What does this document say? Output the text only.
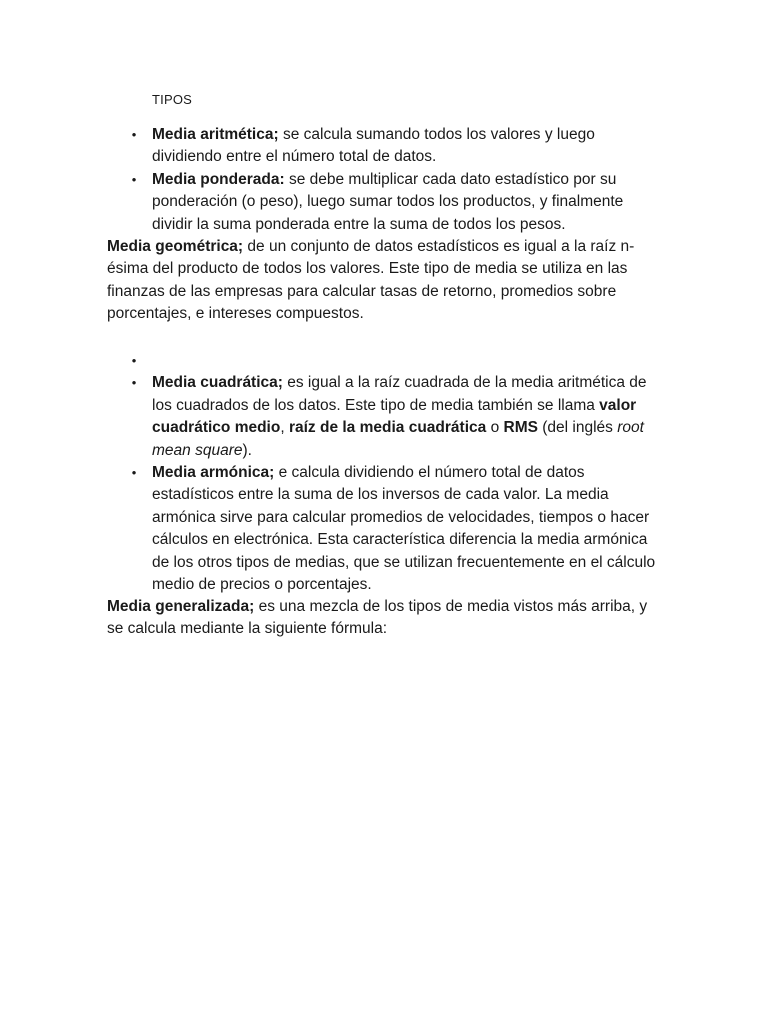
TIPOS
•	Media aritmética; se calcula sumando todos los valores y luego dividiendo entre el número total de datos.
•	Media ponderada: se debe multiplicar cada dato estadístico por su ponderación (o peso), luego sumar todos los productos, y finalmente dividir la suma ponderada entre la suma de todos los pesos.

Media geométrica; de un conjunto de datos estadísticos es igual a la raíz n-ésima del producto de todos los valores. Este tipo de media se utiliza en las finanzas de las empresas para calcular tasas de retorno, promedios sobre porcentajes, e intereses compuestos.

•

•	Media cuadrática; es igual a la raíz cuadrada de la media aritmética de los cuadrados de los datos. Este tipo de media también se llama valor cuadrático medio, raíz de la media cuadrática o RMS (del inglés root mean square).
•	Media armónica; e calcula dividiendo el número total de datos estadísticos entre la suma de los inversos de cada valor. La media armónica sirve para calcular promedios de velocidades, tiempos o hacer cálculos en electrónica. Esta característica diferencia la media armónica de los otros tipos de medias, que se utilizan frecuentemente en el cálculo medio de precios o porcentajes.

Media generalizada; es una mezcla de los tipos de media vistos más arriba, y se calcula mediante la siguiente fórmula:
